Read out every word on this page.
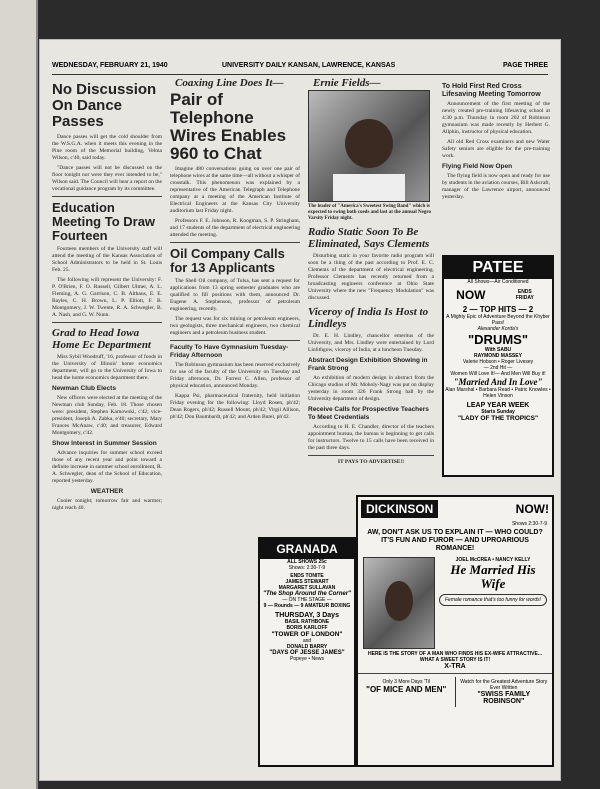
WEDNESDAY, FEBRUARY 21, 1940	UNIVERSITY DAILY KANSAN, LAWRENCE, KANSAS	PAGE THREE
No Discussion On Dance Passes

Dance passes will get the cold shoulder from the W.S.G.A. when it meets this evening in the Pine room of the Memorial building, Velma Wilson, c'40, said today.

"Dance passes will not be discussed on the floor tonight nor were they ever intended to be," Wilson said. The Council will hear a report on the vocational guidance program by its committee.

Education Meeting To Draw Fourteen

Fourteen members of the University staff will attend the meeting of the Kansas Association of School Administrators to be held in St. Louis Feb. 25.

The following will represent the University: F. P. O'Brien, F. O. Russell, Gilbert Ulmer, A. L. Fleming, A. G. Garrison, C. B. Althaus, E. E. Bayles, C. H. Brown, L. P. Elliott, F. B. Montgomery, J. W. Twente, R. A. Schwegler, B. A. Nash, and G. W. Nunn.

Grad to Head Iowa Home Ec Department

Miss Sybil Woodruff, '16, professor of foods in the University of Illinois' home economics department, will go to the University of Iowa to head the home economics department there.

Newman Club Elects

New officers were elected at the meeting of the Newman club Sunday, Feb. 18. Those chosen were: president, Stephen Karnowski, c'42; vice-president, Joseph A. Zabka, e'40; secretary, Mary Frances McAnaw, c'40; and treasurer, Edward Montgomery, c'42.

Show Interest in Summer Session

Advance inquiries for summer school exceed those of any recent year and point toward a definite increase in summer school enrollment, R. A. Schwegler, dean of the School of Education, reported yesterday.

WEATHER

Cooler tonight; tomorrow fair and warmer; night reach 40.

Coaxing Line Does It—

Pair of Telephone Wires Enables 960 to Chat

Imagine 480 conversations going on over one pair of telephone wires at the same time—all without a whisper of crosstalk. This phenomenon was explained by a representative of the American Telegraph and Telephone company at a meeting of the American Institute of Electrical Engineers at the Kansas City University auditorium last Friday night.

Professors F. E. Johnson, R. Koogman, S. P. Stringham, and 17 students of the department of electrical engineering attended the meeting.

Oil Company Calls for 13 Applicants

The Shell Oil company, of Tulsa, has sent a request for applications from 13 spring semester graduates who are qualified to fill positions with them, announced Dr. Eugene A. Stephenson, professor of petroleum engineering, recently.

The request was for six mining or petroleum engineers, two geologists, three mechanical engineers, two chemical engineers and a petroleum business student.

Faculty To Have Gymnasium Tuesday-Friday Afternoon

The Robinson gymnasium has been reserved exclusively for use of the faculty of the University on Tuesday and Friday afternoon, Dr. Forrest C. Allen, professor of physical education, announced Monday.

Kappa Psi, pharmaceutical fraternity, held initiation Friday evening for the following: Lloyd Rosen, ph'42; Dean Rogers, ph'42; Russell Mount, ph'42; Virgil Allison, ph'42; Don Baumbardt, ph'42; and Arden Butel, ph'42.

Ernie Fields—

The leader of "America's Sweetest Swing Band" which is expected to swing both coeds and last at the annual Negro Varsity Friday night.
Radio Static Soon To Be Eliminated, Says Clements

Disturbing static in your favorite radio program will soon be a thing of the past according to Prof. E. C. Clements of the department of electrical engineering. Professor Clements has recently returned from a broadcasting engineers conference at Ohio State University where the new "Frequency Modulation" was discussed.

Viceroy of India Is Host to Lindleys

Dr. E. H. Lindley, chancellor emeritus of the University, and Mrs. Lindley were entertained by Lord Linlithgow, viceroy of India, at a luncheon Tuesday.

Abstract Design Exhibition Showing in Frank Strong

An exhibition of modern design in abstract from the Chicago studios of Mr. Moholy-Nagy was put on display yesterday in room 326 Frank Strong hall by the University department of design.

Receive Calls for Prospective Teachers To Meet Credentials

According to H. E. Chandler, director of the teachers appointment bureau, the bureau is beginning to get calls for instructors. Twelve to 15 calls have been received in the past three days.

IT PAYS TO ADVERTISE!!
To Hold First Red Cross Lifesaving Meeting Tomorrow

Announcement of the first meeting of the newly created pre-training lifesaving school at 4:30 p.m. Thursday in room 202 of Robinson gymnasium was made recently by Herbert G. Allphin, instructor of physical education.

All old Red Cross examiners and new Water Safety seniors are eligible for the pre-training work.

Flying Field Now Open

The flying field is now open and ready for use by students in the aviation courses, Bill Ashcraft, manager of the Lawrence airport, announced yesterday.

PATEE
All Shows—Air Conditioned
NOW	ENDS FRIDAY
2 — TOP HITS — 2
A Mighty Epic of Adventure Beyond the Khyber Pass!
Alexander Korda's
"DRUMS"
With SABU
RAYMOND MASSEY
Valerie Hobson • Roger Livesey
— 2nd Hit —
Women Will Love It!— And Men Will Buy it!
"Married And In Love"
Alan Marshal • Barbara Read • Patric Knowles • Helen Vinson
LEAP YEAR WEEK
Starts Sunday
"LADY OF THE TROPICS"
GRANADA
ALL SHOWS 25c
Shows: 2:30-7-9
ENDS TONITE
JAMES STEWART
MARGARET SULLAVAN
"The Shop Around the Corner"
— ON THE STAGE —
9 — Rounds — 9 AMATEUR BOXING
THURSDAY, 3 Days
BASIL RATHBONE
BORIS KARLOFF
"TOWER OF LONDON"
and
DONALD BARRY
"DAYS OF JESSE JAMES"
Popeye • News
DICKINSON	NOW!
Shows 2:30-7-9
AW, DON'T ASK US TO EXPLAIN IT — WHO COULD? IT'S FUN AND FUROR — AND UPROARIOUS ROMANCE!
JOEL McCREA • NANCY KELLY
He Married His Wife
Female romance that's too funny for words!
HERE IS THE STORY OF A MAN WHO FINDS HIS EX-WIFE ATTRACTIVE... WHAT A SWEET STORY IS IT!
X-TRA
Only 3 More Days 'Til
"OF MICE AND MEN"
Watch for the Greatest Adventure Story Ever Written
"SWISS FAMILY ROBINSON"
